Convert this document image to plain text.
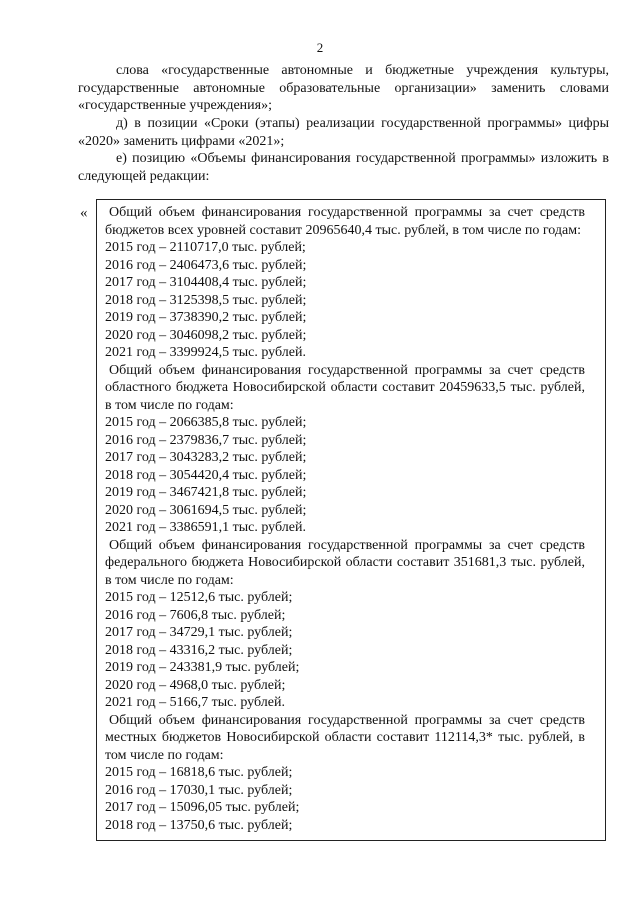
2

слова «государственные автономные и бюджетные учреждения культуры, государственные автономные образовательные организации» заменить словами «государственные учреждения»;

д) в позиции «Сроки (этапы) реализации государственной программы» цифры «2020» заменить цифрами «2021»;

е) позицию «Объемы финансирования государственной программы» изложить в следующей редакции:

« Общий объем финансирования государственной программы за счет средств бюджетов всех уровней составит 20965640,4 тыс. рублей, в том числе по годам:

2015 год – 2110717,0 тыс. рублей;

2016 год – 2406473,6 тыс. рублей;

2017 год – 3104408,4 тыс. рублей;

2018 год – 3125398,5 тыс. рублей;

2019 год – 3738390,2 тыс. рублей;

2020 год – 3046098,2 тыс. рублей;

2021 год – 3399924,5 тыс. рублей.

Общий объем финансирования государственной программы за счет средств областного бюджета Новосибирской области составит 20459633,5 тыс. рублей, в том числе по годам:

2015 год – 2066385,8 тыс. рублей;

2016 год – 2379836,7 тыс. рублей;

2017 год – 3043283,2 тыс. рублей;

2018 год – 3054420,4 тыс. рублей;

2019 год – 3467421,8 тыс. рублей;

2020 год – 3061694,5 тыс. рублей;

2021 год – 3386591,1 тыс. рублей.

Общий объем финансирования государственной программы за счет средств федерального бюджета Новосибирской области составит 351681,3 тыс. рублей, в том числе по годам:

2015 год – 12512,6 тыс. рублей;

2016 год – 7606,8 тыс. рублей;

2017 год – 34729,1 тыс. рублей;

2018 год – 43316,2 тыс. рублей;

2019 год – 243381,9 тыс. рублей;

2020 год – 4968,0 тыс. рублей;

2021 год – 5166,7 тыс. рублей.

Общий объем финансирования государственной программы за счет средств местных бюджетов Новосибирской области составит 112114,3* тыс. рублей, в том числе по годам:

2015 год – 16818,6 тыс. рублей;

2016 год – 17030,1 тыс. рублей;

2017 год – 15096,05 тыс. рублей;

2018 год – 13750,6 тыс. рублей;
